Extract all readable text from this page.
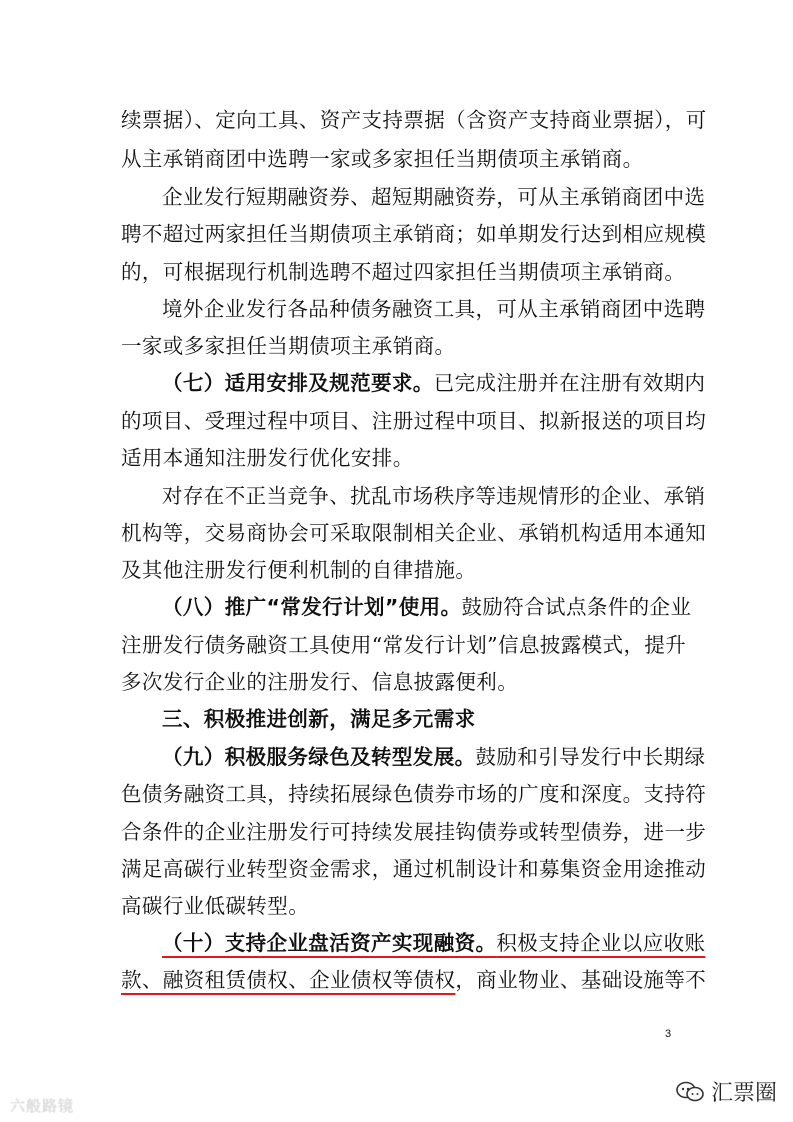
续票据）、定向工具、资产支持票据（含资产支持商业票据），可
从主承销商团中选聘一家或多家担任当期债项主承销商。
企业发行短期融资券、超短期融资券，可从主承销商团中选
聘不超过两家担任当期债项主承销商；如单期发行达到相应规模
的，可根据现行机制选聘不超过四家担任当期债项主承销商。
境外企业发行各品种债务融资工具，可从主承销商团中选聘
一家或多家担任当期债项主承销商。
（七）适用安排及规范要求。已完成注册并在注册有效期内
的项目、受理过程中项目、注册过程中项目、拟新报送的项目均
适用本通知注册发行优化安排。
对存在不正当竞争、扰乱市场秩序等违规情形的企业、承销
机构等，交易商协会可采取限制相关企业、承销机构适用本通知
及其他注册发行便利机制的自律措施。
（八）推广“常发行计划”使用。鼓励符合试点条件的企业
注册发行债务融资工具使用“常发行计划”信息披露模式，提升
多次发行企业的注册发行、信息披露便利。
三、积极推进创新，满足多元需求
（九）积极服务绿色及转型发展。鼓励和引导发行中长期绿
色债务融资工具，持续拓展绿色债券市场的广度和深度。支持符
合条件的企业注册发行可持续发展挂钩债券或转型债券，进一步
满足高碳行业转型资金需求，通过机制设计和募集资金用途推动
高碳行业低碳转型。
（十）支持企业盘活资产实现融资。积极支持企业以应收账
款、融资租赁债权、企业债权等债权，商业物业、基础设施等不
3
六般路镜	汇票圈
